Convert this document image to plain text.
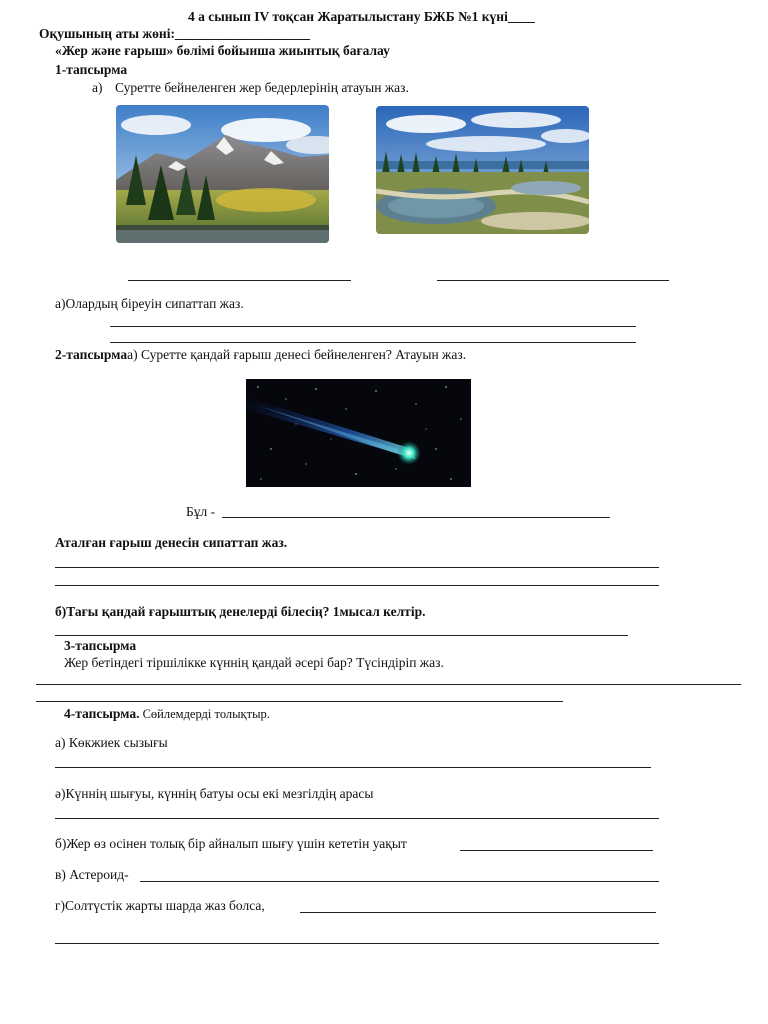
4 а сынып IV тоқсан Жаратылыстану БЖБ №1 күні____
Оқушының аты жөні:____________________
«Жер және ғарыш» бөлімі бойынша жиынтық бағалау
1-тапсырма
а) Суретте бейнеленген жер бедерлерінің атауын жаз.
а)Олардың біреуін сипаттап жаз.
2-тапсырмаа) Суретте қандай ғарыш денесі бейнеленген? Атауын жаз.
Бұл -
Аталған ғарыш денесін сипаттап жаз.
б)Тағы қандай ғарыштық денелерді білесің? 1мысал келтір.
3-тапсырма
Жер бетіндегі тіршілікке күннің қандай әсері бар? Түсіндіріп жаз.
4-тапсырма. Сөйлемдерді толықтыр.
а) Көкжиек сызығы
ә)Күннің шығуы, күннің батуы осы екі мезгілдің арасы
б)Жер өз осінен толық бір айналып шығу үшін кететін уақыт
в) Астероид-
г)Солтүстік жарты шарда жаз болса,
